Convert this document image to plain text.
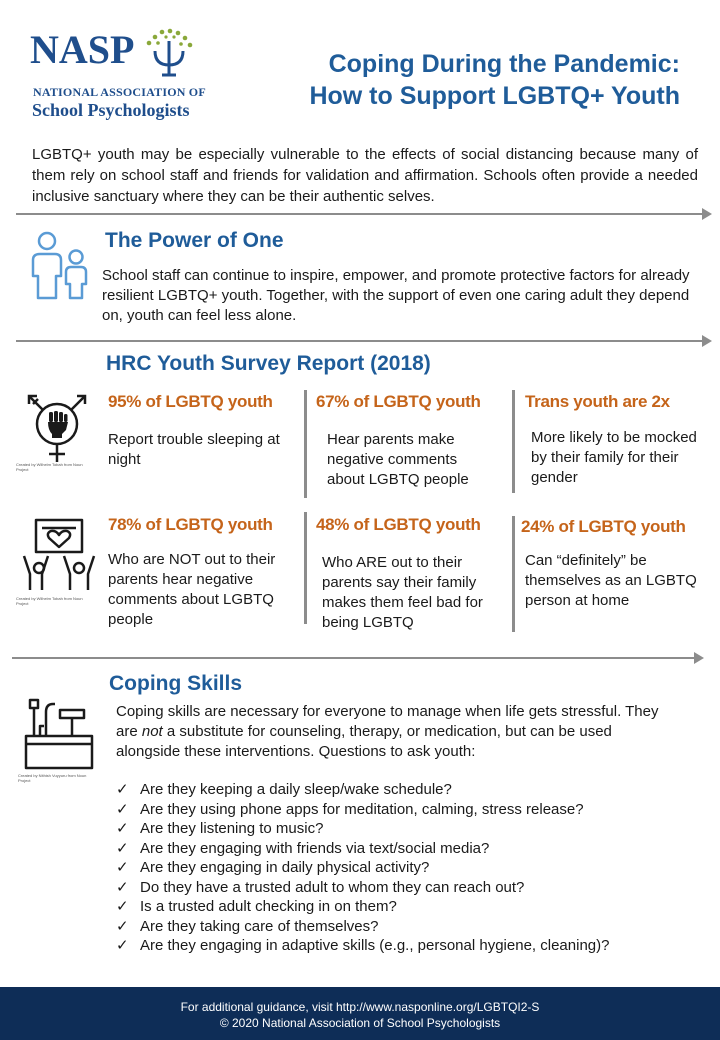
NASP
NATIONAL ASSOCIATION OF
School Psychologists
Coping During the Pandemic:
How to Support LGBTQ+ Youth
LGBTQ+ youth may be especially vulnerable to the effects of social distancing because many of them rely on school staff and friends for validation and affirmation. Schools often provide a needed inclusive sanctuary where they can be their authentic selves.
The Power of One
School staff can continue to inspire, empower, and promote protective factors for already resilient LGBTQ+ youth. Together, with the support of even one caring adult they depend on, youth can feel less alone.
HRC Youth Survey Report (2018)
Created by Wilhelm Tobah from Noun Project
Created by Wilhelm Tobah from Noun Project
95% of LGBTQ youth
Report trouble sleeping at night
67% of LGBTQ youth
Hear parents make negative comments about LGBTQ people
Trans youth are 2x
More likely to be mocked by their family for their gender
78% of LGBTQ youth
Who are NOT out to their parents hear negative comments about LGBTQ people
48% of LGBTQ youth
Who ARE out to their parents say their family makes them feel bad for being LGBTQ
24% of LGBTQ youth
Can “definitely” be themselves as an LGBTQ person at home
Coping Skills
Created by Nithish Vuyyuru from Noun Project
Coping skills are necessary for everyone to manage when life gets stressful. They are not a substitute for counseling, therapy, or medication, but can be used alongside these interventions. Questions to ask youth:
✓ Are they keeping a daily sleep/wake schedule?
✓ Are they using phone apps for meditation, calming, stress release?
✓ Are they listening to music?
✓ Are they engaging with friends via text/social media?
✓ Are they engaging in daily physical activity?
✓ Do they have a trusted adult to whom they can reach out?
✓ Is a trusted adult checking in on them?
✓ Are they taking care of themselves?
✓ Are they engaging in adaptive skills (e.g., personal hygiene, cleaning)?
For additional guidance, visit http://www.nasponline.org/LGBTQI2-S
© 2020 National Association of School Psychologists
